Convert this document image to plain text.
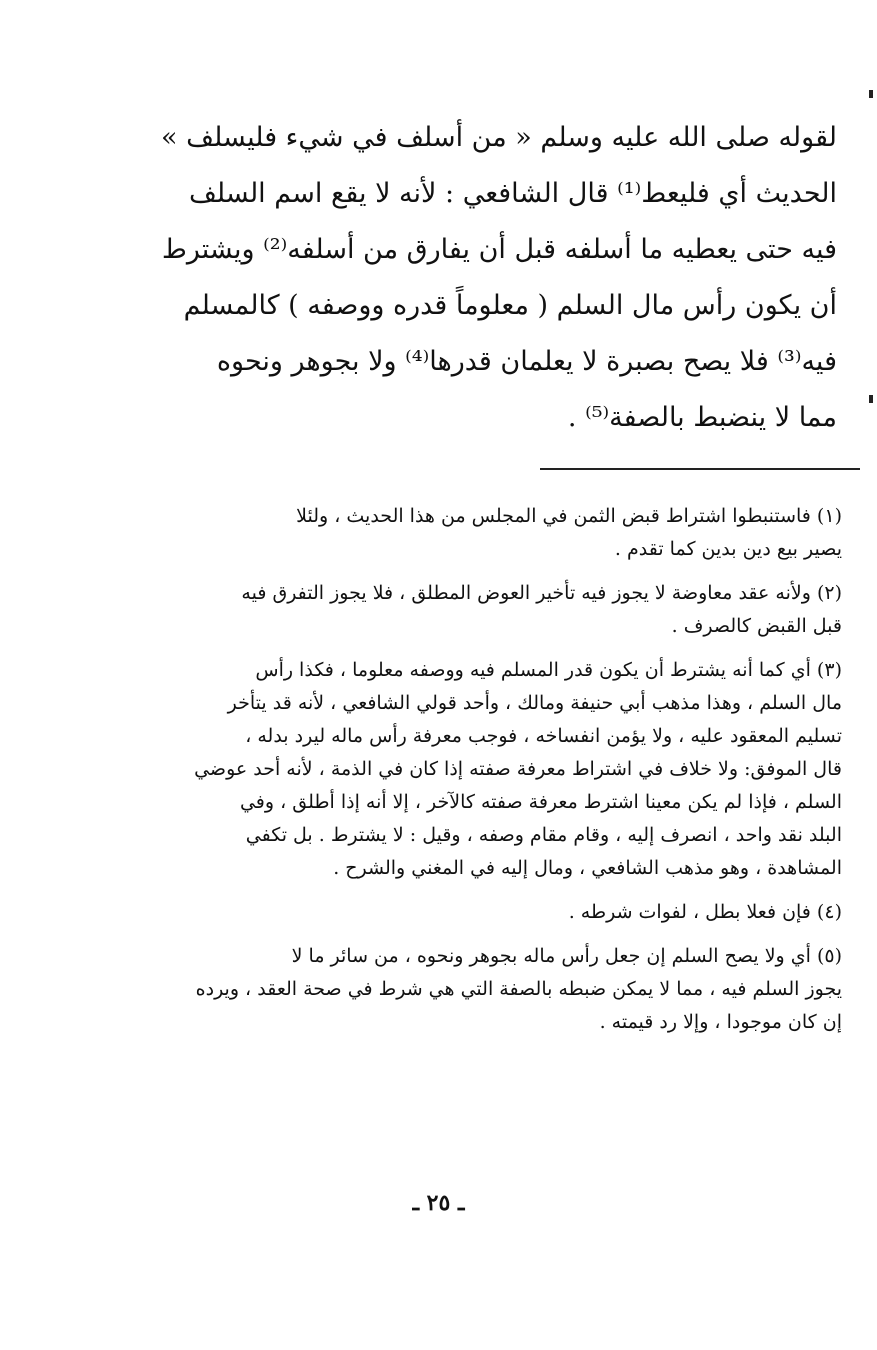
لقوله صلى الله عليه وسلم « من أسلف في شيء فليسلف »
الحديث أي فليعط⁽¹⁾ قال الشافعي : لأنه لا يقع اسم السلف
فيه حتى يعطيه ما أسلفه قبل أن يفارق من أسلفه⁽²⁾ ويشترط
أن يكون رأس مال السلم ( معلوماً قدره ووصفه ) كالمسلم
فيه⁽³⁾ فلا يصح بصبرة لا يعلمان قدرها⁽⁴⁾ ولا بجوهر ونحوه
مما لا ينضبط بالصفة⁽⁵⁾ .
(١) فاستنبطوا اشتراط قبض الثمن في المجلس من هذا الحديث ، ولئلا
يصير بيع دين بدين كما تقدم .
(٢) ولأنه عقد معاوضة لا يجوز فيه تأخير العوض المطلق ، فلا يجوز التفرق فيه
قبل القبض كالصرف .
(٣) أي كما أنه يشترط أن يكون قدر المسلم فيه ووصفه معلوما ، فكذا رأس
مال السلم ، وهذا مذهب أبي حنيفة ومالك ، وأحد قولي الشافعي ، لأنه قد يتأخر
تسليم المعقود عليه ، ولا يؤمن انفساخه ، فوجب معرفة رأس ماله ليرد بدله ،
قال الموفق: ولا خلاف في اشتراط معرفة صفته إذا كان في الذمة ، لأنه أحد عوضي
السلم ، فإذا لم يكن معينا اشترط معرفة صفته كالآخر ، إلا أنه إذا أطلق ، وفي
البلد نقد واحد ، انصرف إليه ، وقام مقام وصفه ، وقيل : لا يشترط . بل تكفي
المشاهدة ، وهو مذهب الشافعي ، ومال إليه في المغني والشرح .
(٤) فإن فعلا بطل ، لفوات شرطه .
(٥) أي ولا يصح السلم إن جعل رأس ماله بجوهر ونحوه ، من سائر ما لا
يجوز السلم فيه ، مما لا يمكن ضبطه بالصفة التي هي شرط في صحة العقد ، ويرده
إن كان موجودا ، وإلا رد قيمته .
ـ ٢٥ ـ
